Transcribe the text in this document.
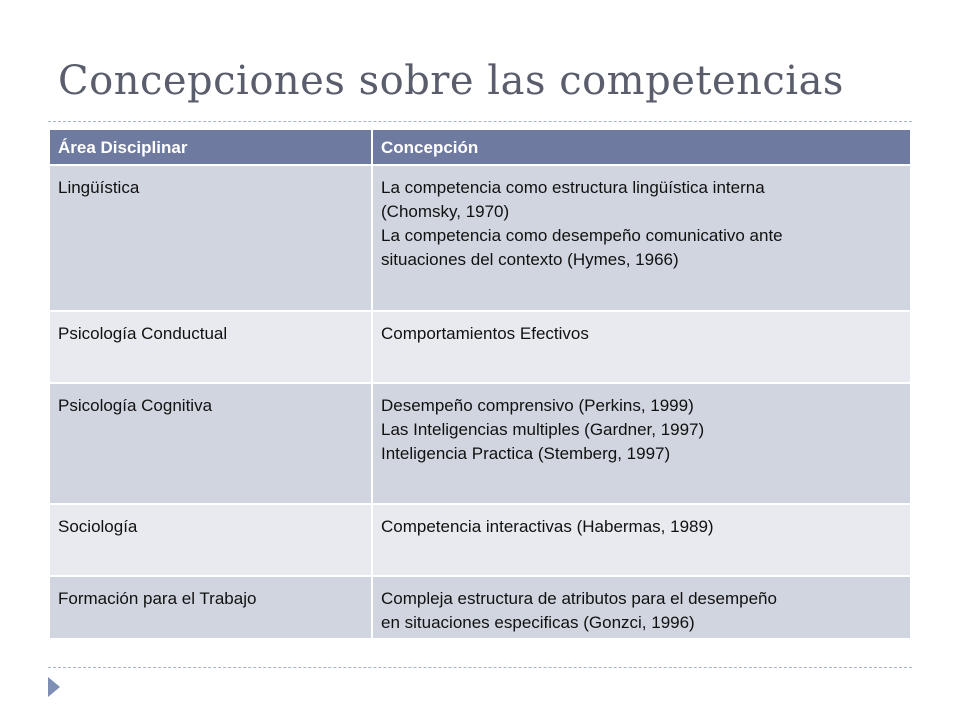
Concepciones sobre las competencias
Área Disciplinar	Concepción
Lingüística	La competencia como estructura lingüística interna
(Chomsky, 1970)
La competencia como desempeño comunicativo ante
situaciones del contexto (Hymes, 1966)

Psicología Conductual	Comportamientos Efectivos

Psicología Cognitiva	Desempeño comprensivo (Perkins, 1999)
Las Inteligencias multiples (Gardner, 1997)
Inteligencia Practica (Stemberg, 1997)

Sociología	Competencia interactivas (Habermas, 1989)

Formación para el Trabajo	Compleja estructura de atributos para el desempeño
en situaciones especificas (Gonzci, 1996)
